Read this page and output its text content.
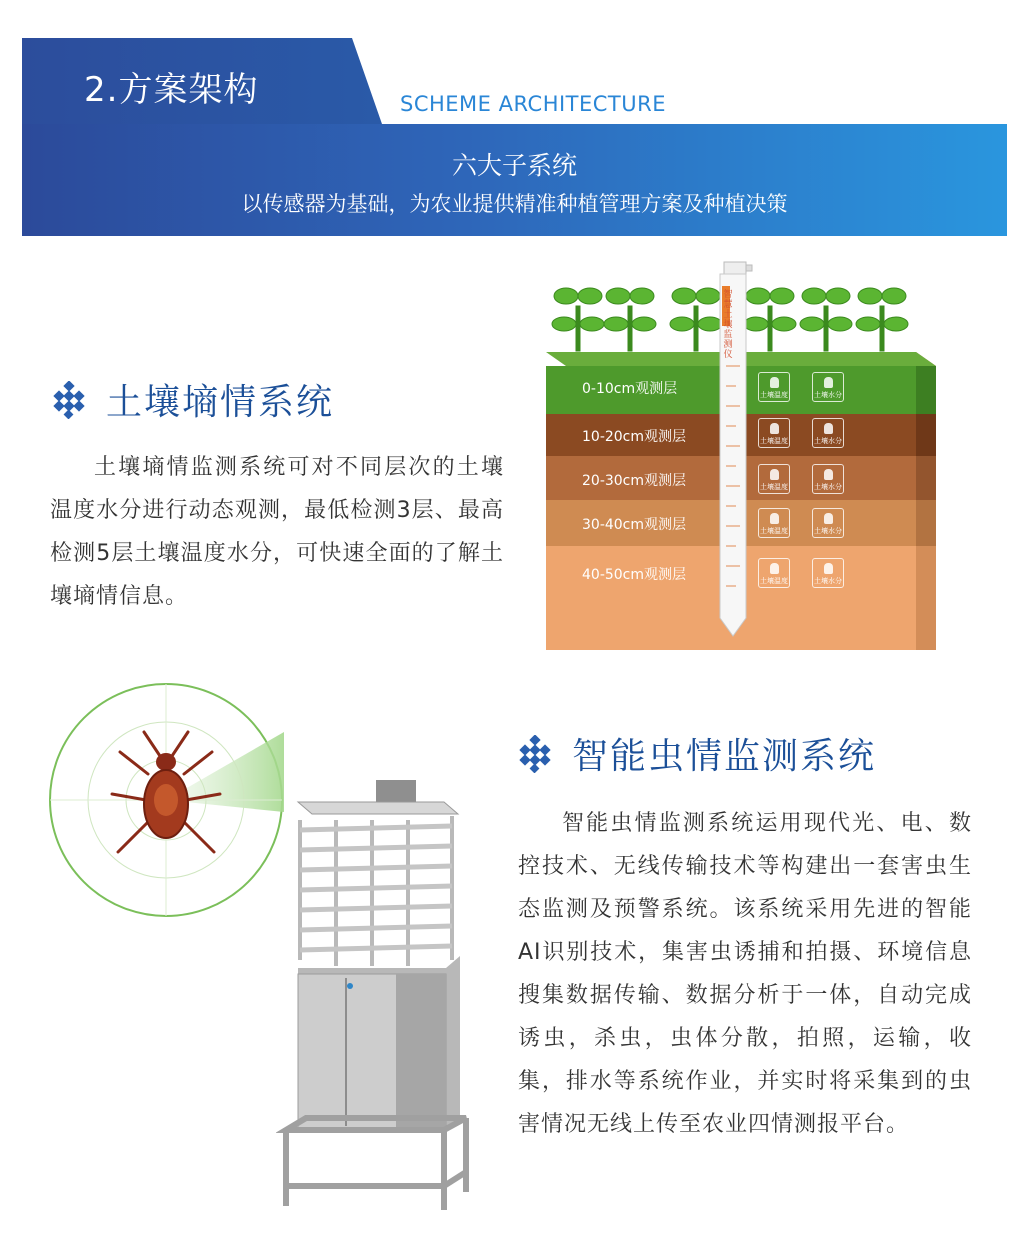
2.方案架构	SCHEME ARCHITECTURE
六大子系统
以传感器为基础，为农业提供精准种植管理方案及种植决策
土壤墒情系统
土壤墒情监测系统可对不同层次的土壤温度水分进行动态观测，最低检测3层、最高检测5层土壤温度水分，可快速全面的了解土壤墒情信息。
智慧土壤监测仪
0-10cm观测层
10-20cm观测层
20-30cm观测层
30-40cm观测层
40-50cm观测层
土壤温度	土壤水分
土壤温度	土壤水分
土壤温度	土壤水分
土壤温度	土壤水分
土壤温度	土壤水分
智能虫情监测系统
智能虫情监测系统运用现代光、电、数控技术、无线传输技术等构建出一套害虫生态监测及预警系统。该系统采用先进的智能AI识别技术，集害虫诱捕和拍摄、环境信息搜集数据传输、数据分析于一体，自动完成诱虫，杀虫，虫体分散，拍照，运输，收集，排水等系统作业，并实时将采集到的虫害情况无线上传至农业四情测报平台。
